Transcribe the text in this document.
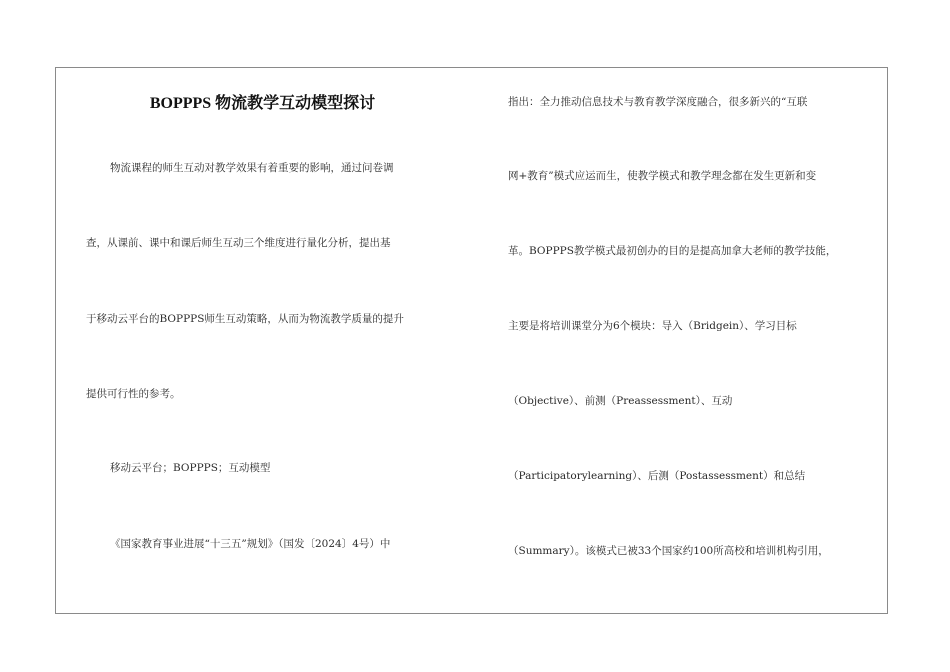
BOPPPS 物流教学互动模型探讨
物流课程的师生互动对教学效果有着重要的影响，通过问卷调
查，从课前、课中和课后师生互动三个维度进行量化分析，提出基
于移动云平台的BOPPPS师生互动策略，从而为物流教学质量的提升
提供可行性的参考。
移动云平台；BOPPPS；互动模型
《国家教育事业进展“十三五”规划》（国发〔2024〕4号）中
指出：全力推动信息技术与教育教学深度融合，很多新兴的“互联
网+教育”模式应运而生，使教学模式和教学理念都在发生更新和变
革。BOPPPS教学模式最初创办的目的是提高加拿大老师的教学技能，
主要是将培训课堂分为6个模块：导入（Bridgein）、学习目标
（Objective）、前测（Preassessment）、互动
（Participatorylearning）、后测（Postassessment）和总结
（Summary）。该模式已被33个国家约100所高校和培训机构引用，
